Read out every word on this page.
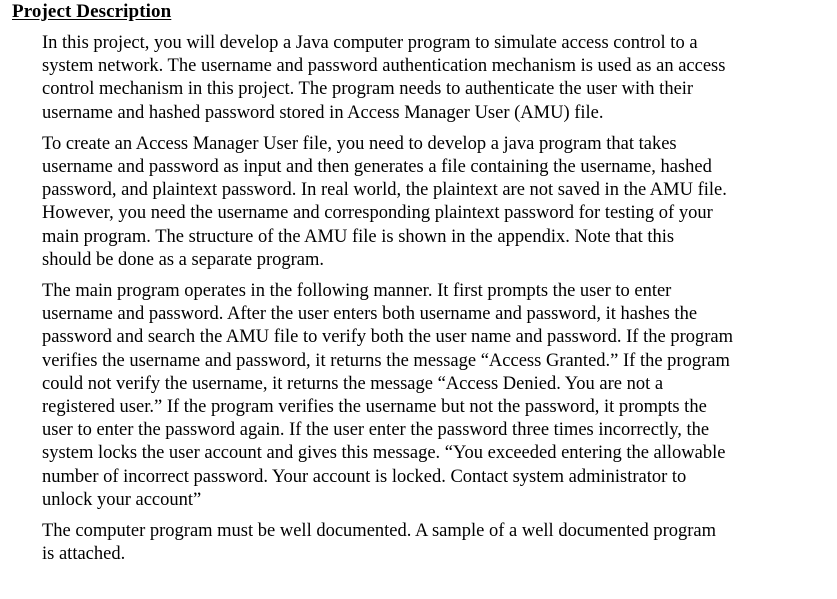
Project Description

In this project, you will develop a Java computer program to simulate access control to a
system network. The username and password authentication mechanism is used as an access
control mechanism in this project. The program needs to authenticate the user with their
username and hashed password stored in Access Manager User (AMU) file.

To create an Access Manager User file, you need to develop a java program that takes
username and password as input and then generates a file containing the username, hashed
password, and plaintext password. In real world, the plaintext are not saved in the AMU file.
However, you need the username and corresponding plaintext password for testing of your
main program. The structure of the AMU file is shown in the appendix. Note that this
should be done as a separate program.

The main program operates in the following manner. It first prompts the user to enter
username and password. After the user enters both username and password, it hashes the
password and search the AMU file to verify both the user name and password. If the program
verifies the username and password, it returns the message “Access Granted.” If the program
could not verify the username, it returns the message “Access Denied. You are not a
registered user.” If the program verifies the username but not the password, it prompts the
user to enter the password again. If the user enter the password three times incorrectly, the
system locks the user account and gives this message. “You exceeded entering the allowable
number of incorrect password. Your account is locked. Contact system administrator to
unlock your account”

The computer program must be well documented. A sample of a well documented program
is attached.
